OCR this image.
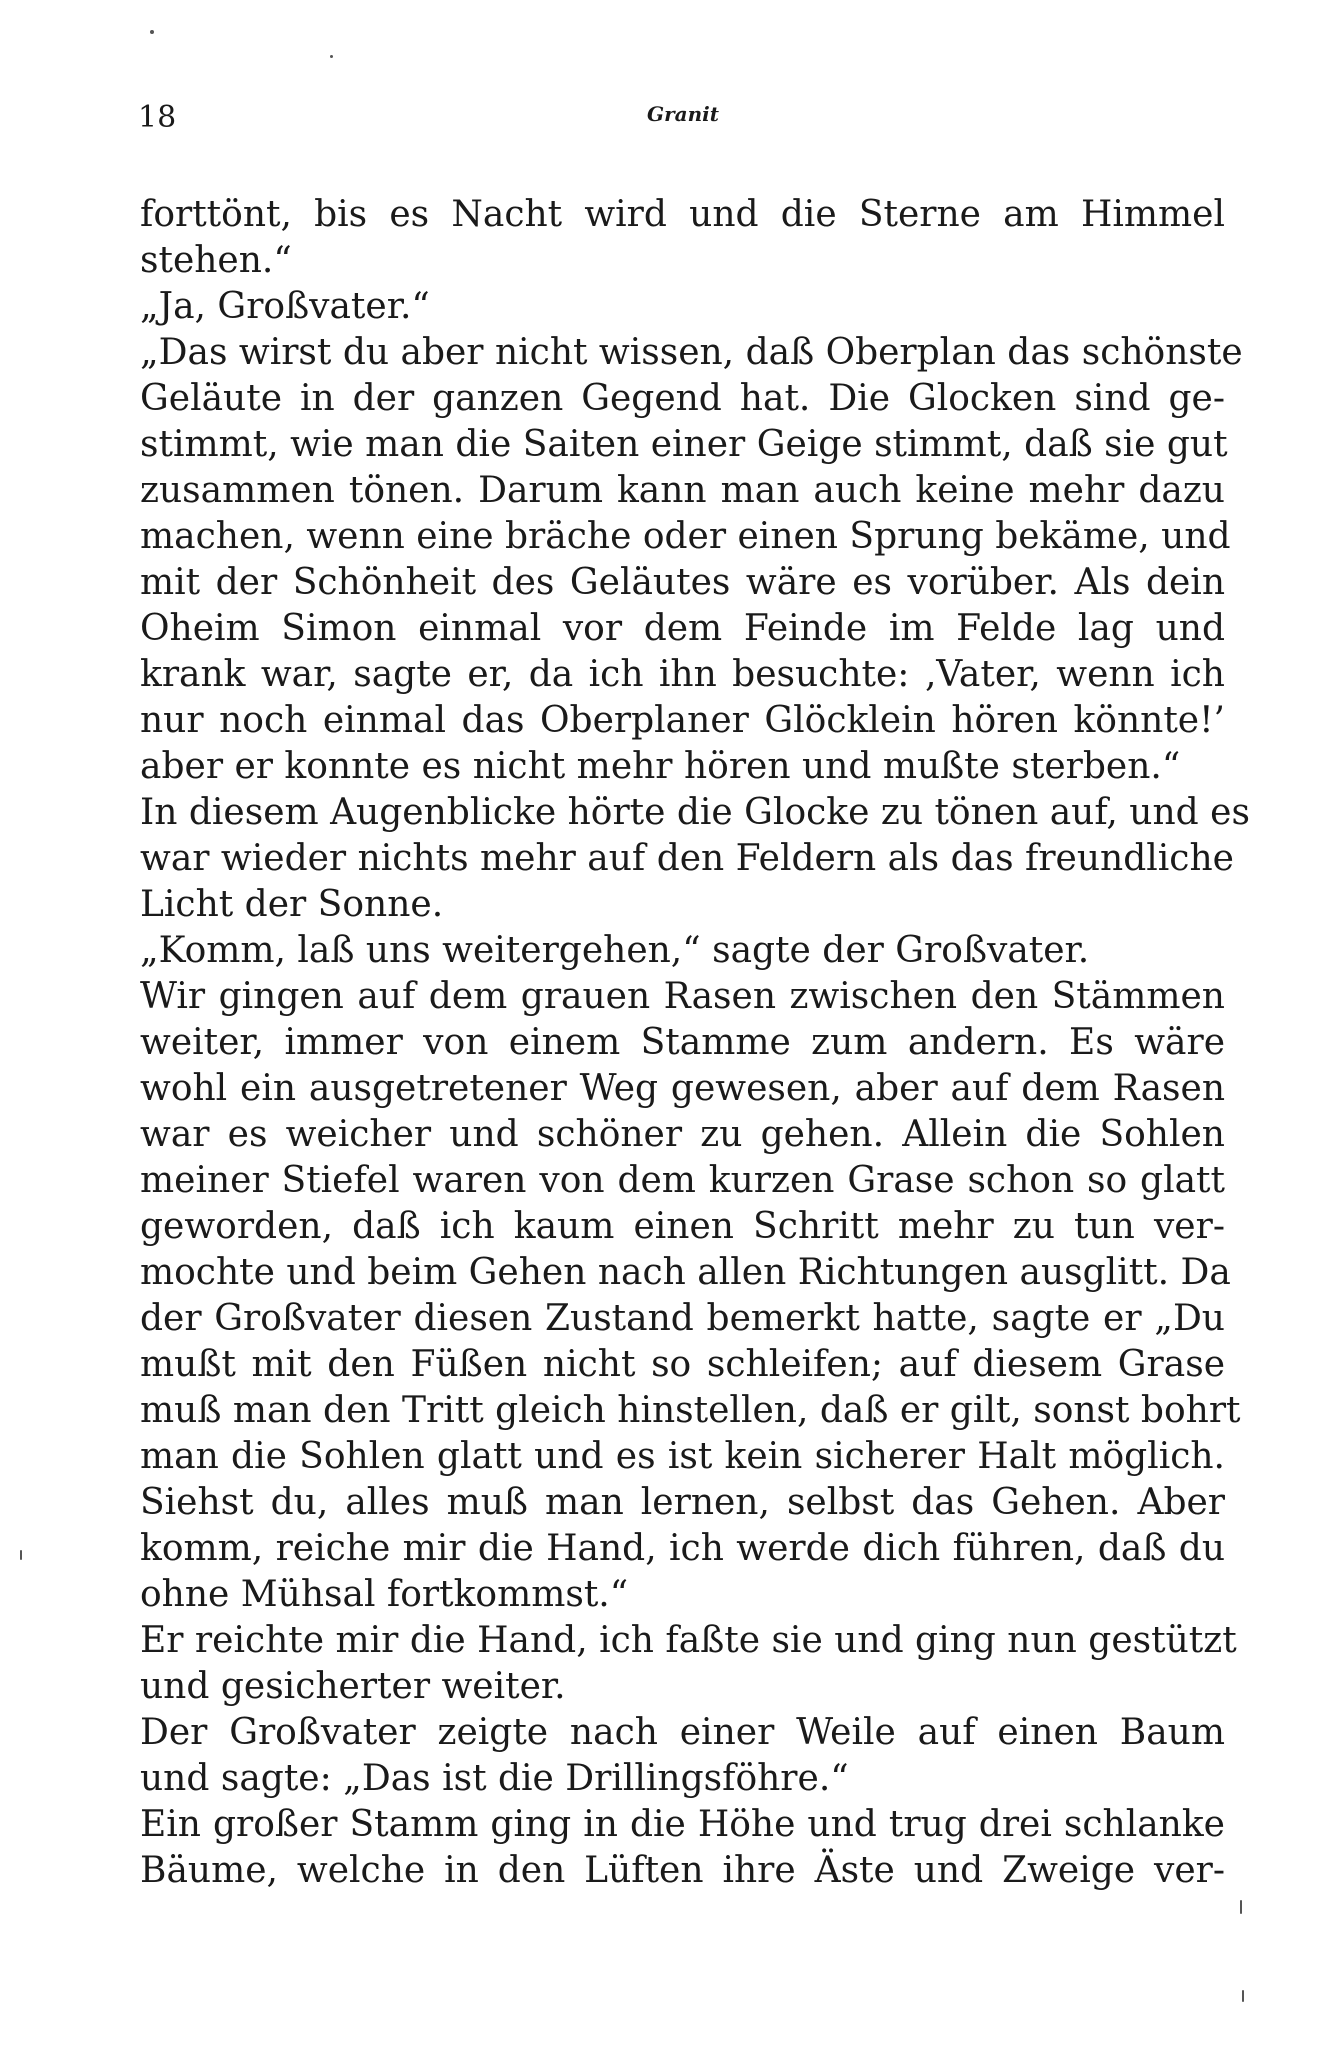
18	Granit
forttönt, bis es Nacht wird und die Sterne am Himmel
stehen.“
„Ja, Großvater.“
„Das wirst du aber nicht wissen, daß Oberplan das schönste
Geläute in der ganzen Gegend hat. Die Glocken sind ge-
stimmt, wie man die Saiten einer Geige stimmt, daß sie gut
zusammen tönen. Darum kann man auch keine mehr dazu
machen, wenn eine bräche oder einen Sprung bekäme, und
mit der Schönheit des Geläutes wäre es vorüber. Als dein
Oheim Simon einmal vor dem Feinde im Felde lag und
krank war, sagte er, da ich ihn besuchte: ‚Vater, wenn ich
nur noch einmal das Oberplaner Glöcklein hören könnte!’
aber er konnte es nicht mehr hören und mußte sterben.“
In diesem Augenblicke hörte die Glocke zu tönen auf, und es
war wieder nichts mehr auf den Feldern als das freundliche
Licht der Sonne.
„Komm, laß uns weitergehen,“ sagte der Großvater.
Wir gingen auf dem grauen Rasen zwischen den Stämmen
weiter, immer von einem Stamme zum andern. Es wäre
wohl ein ausgetretener Weg gewesen, aber auf dem Rasen
war es weicher und schöner zu gehen. Allein die Sohlen
meiner Stiefel waren von dem kurzen Grase schon so glatt
geworden, daß ich kaum einen Schritt mehr zu tun ver-
mochte und beim Gehen nach allen Richtungen ausglitt. Da
der Großvater diesen Zustand bemerkt hatte, sagte er „Du
mußt mit den Füßen nicht so schleifen; auf diesem Grase
muß man den Tritt gleich hinstellen, daß er gilt, sonst bohrt
man die Sohlen glatt und es ist kein sicherer Halt möglich.
Siehst du, alles muß man lernen, selbst das Gehen. Aber
komm, reiche mir die Hand, ich werde dich führen, daß du
ohne Mühsal fortkommst.“
Er reichte mir die Hand, ich faßte sie und ging nun gestützt
und gesicherter weiter.
Der Großvater zeigte nach einer Weile auf einen Baum
und sagte: „Das ist die Drillingsföhre.“
Ein großer Stamm ging in die Höhe und trug drei schlanke
Bäume, welche in den Lüften ihre Äste und Zweige ver-
